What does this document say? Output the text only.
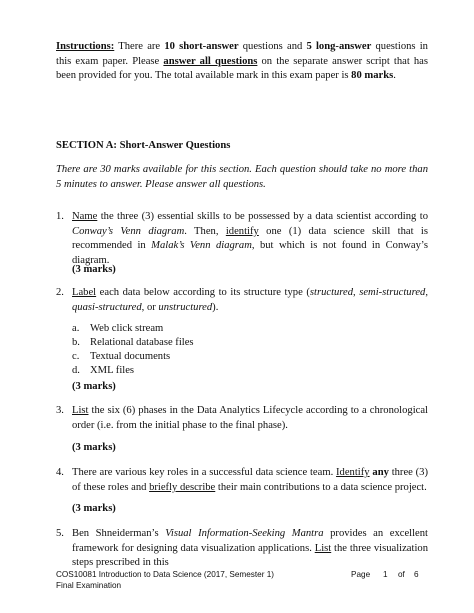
Instructions: There are 10 short-answer questions and 5 long-answer questions in this exam paper. Please answer all questions on the separate answer script that has been provided for you. The total available mark in this exam paper is 80 marks.

SECTION A: Short-Answer Questions

There are 30 marks available for this section. Each question should take no more than 5 minutes to answer. Please answer all questions.

1. Name the three (3) essential skills to be possessed by a data scientist according to Conway’s Venn diagram. Then, identify one (1) data science skill that is recommended in Malak’s Venn diagram, but which is not found in Conway’s diagram.

(3 marks)
2. Label each data below according to its structure type (structured, semi-structured, quasi-structured, or unstructured).

a. Web click stream
b. Relational database files
c. Textual documents
d. XML files
(3 marks)
3. List the six (6) phases in the Data Analytics Lifecycle according to a chronological order (i.e. from the initial phase to the final phase).

(3 marks)
4. There are various key roles in a successful data science team. Identify any three (3) of these roles and briefly describe their main contributions to a data science project.

(3 marks)
5. Ben Shneiderman’s Visual Information-Seeking Mantra provides an excellent framework for designing data visualization applications. List the three visualization steps prescribed in this

COS10081 Introduction to Data Science (2017, Semester 1)
Final Examination
Page 1 of 6
